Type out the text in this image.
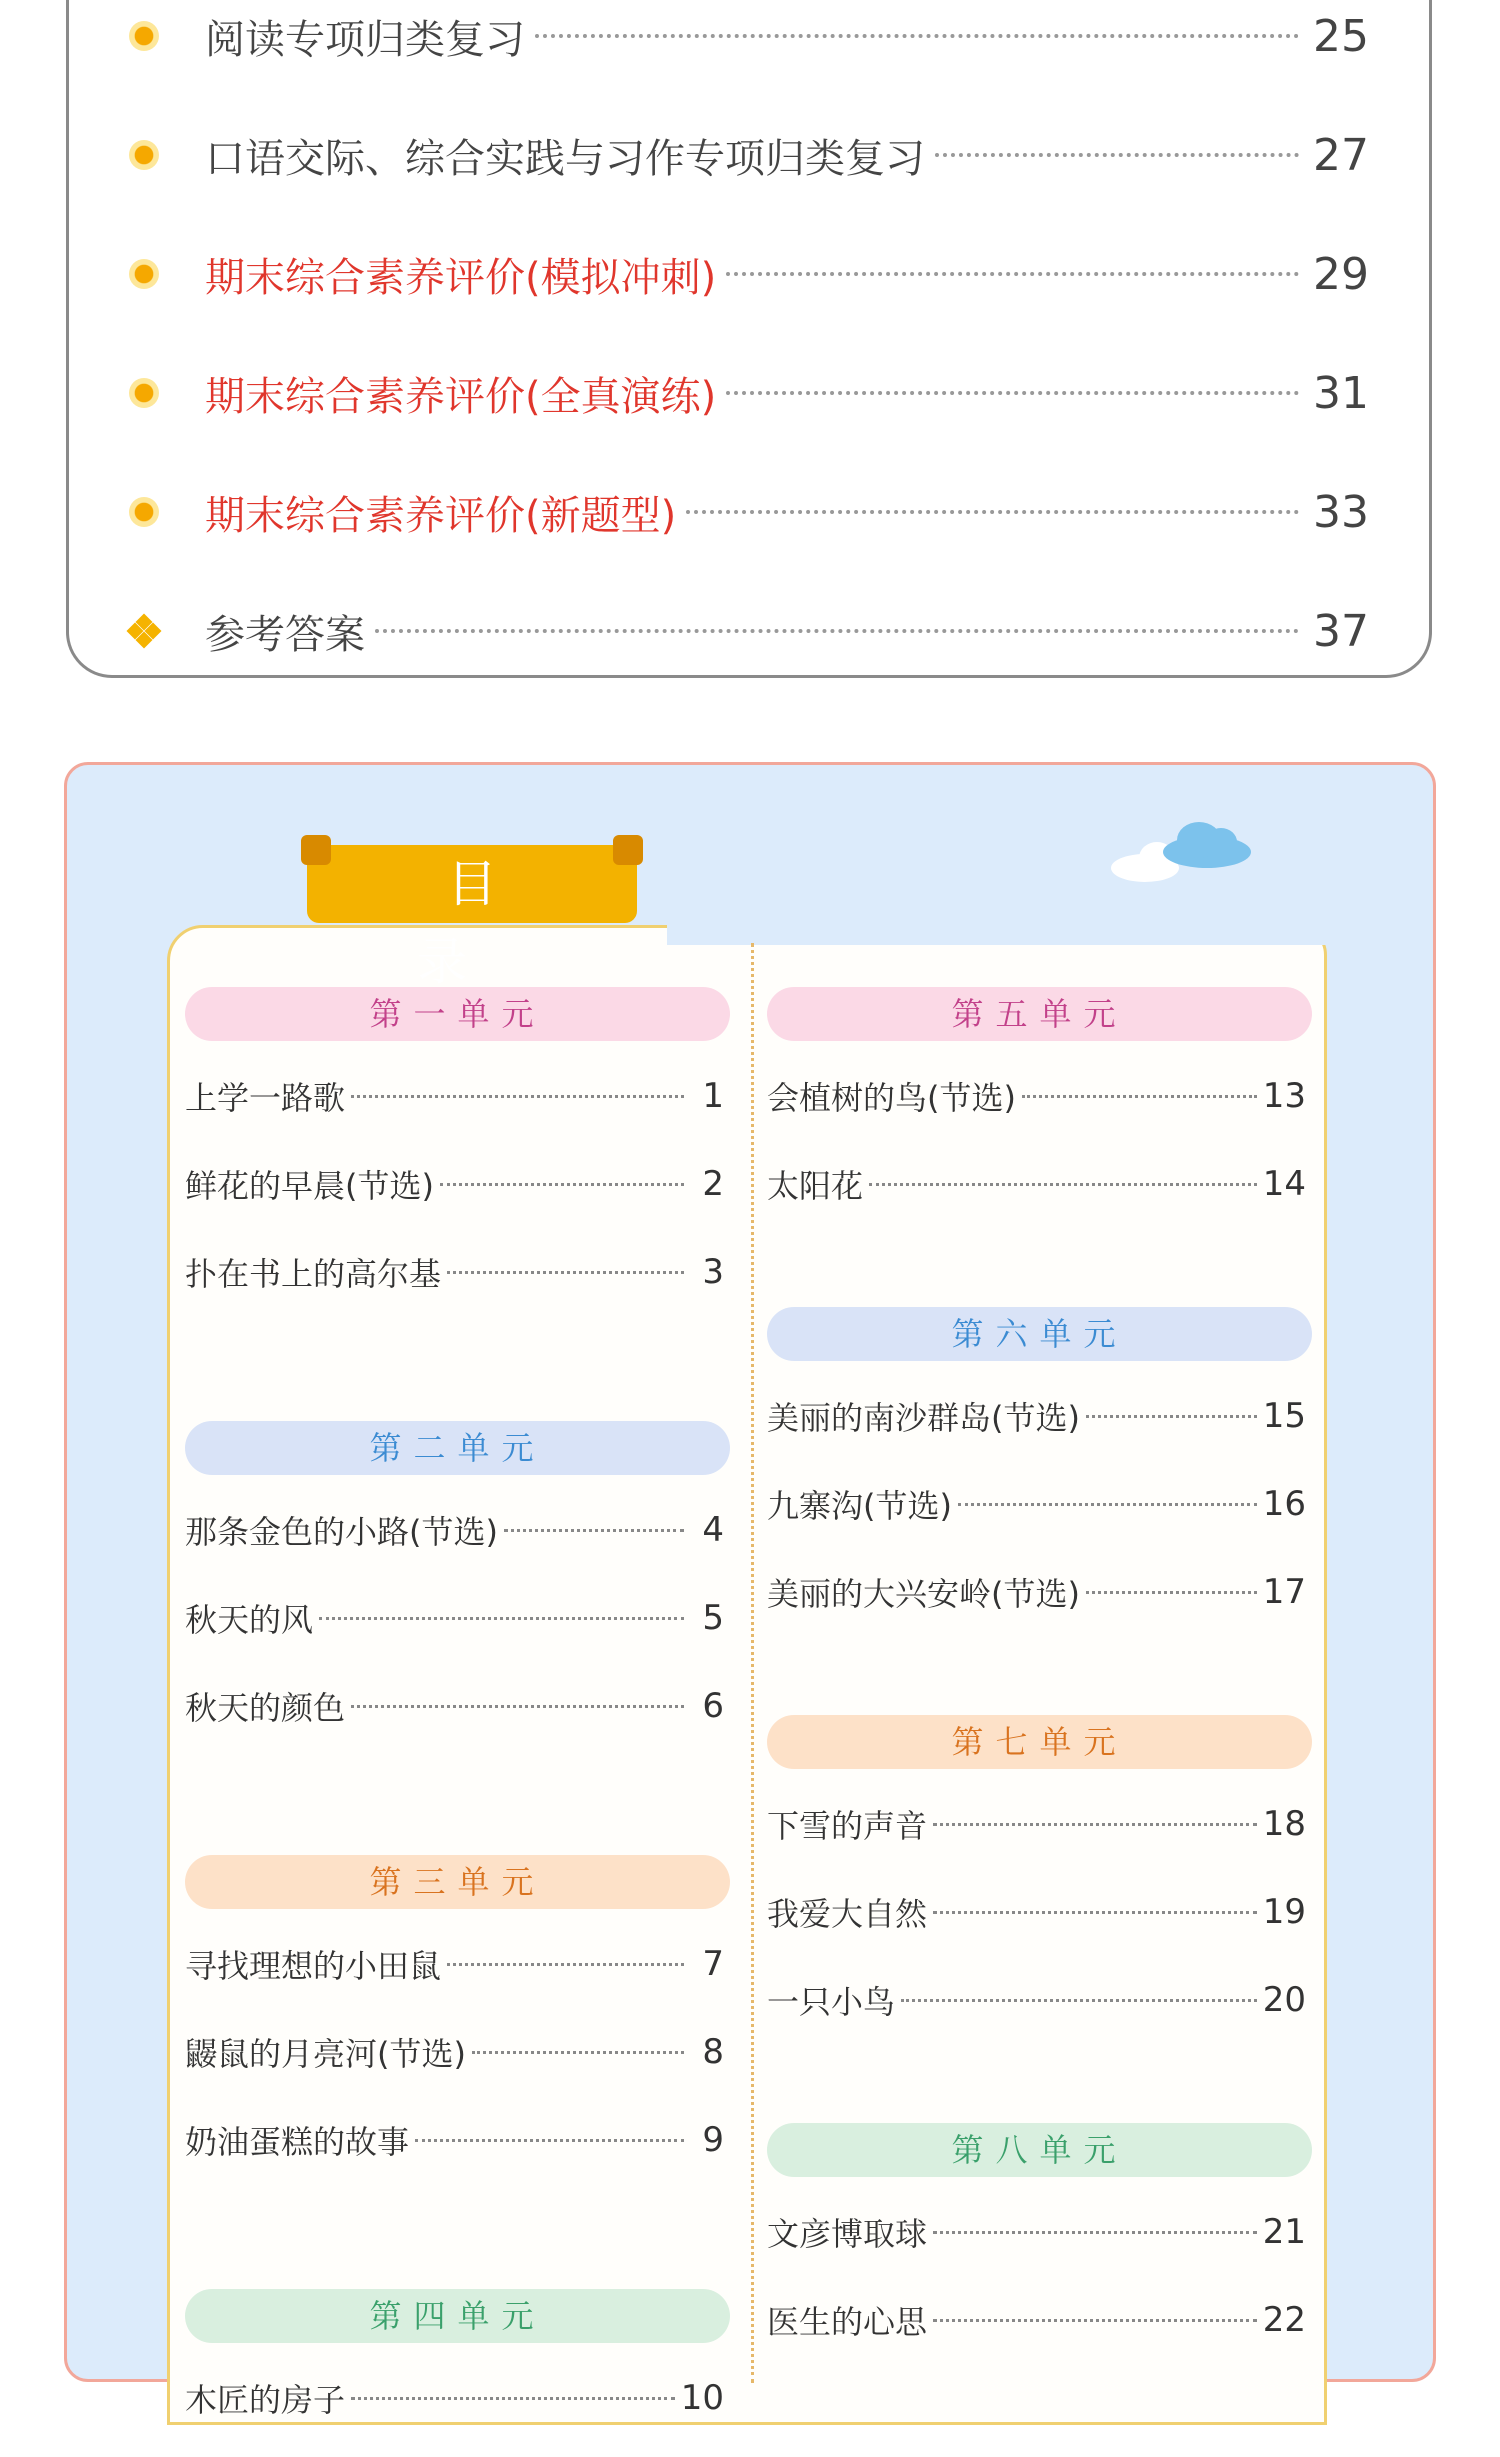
阅读专项归类复习	25
口语交际、综合实践与习作专项归类复习	27
期末综合素养评价(模拟冲刺)	29
期末综合素养评价(全真演练)	31
期末综合素养评价(新题型)	33
参考答案	37
目 录
第一单元
上学一路歌	1
鲜花的早晨(节选)	2
扑在书上的高尔基	3
第二单元
那条金色的小路(节选)	4
秋天的风	5
秋天的颜色	6
第三单元
寻找理想的小田鼠	7
鼹鼠的月亮河(节选)	8
奶油蛋糕的故事	9
第四单元
木匠的房子	10
第五单元
会植树的鸟(节选)	13
太阳花	14
第六单元
美丽的南沙群岛(节选)	15
九寨沟(节选)	16
美丽的大兴安岭(节选)	17
第七单元
下雪的声音	18
我爱大自然	19
一只小鸟	20
第八单元
文彦博取球	21
医生的心思	22
